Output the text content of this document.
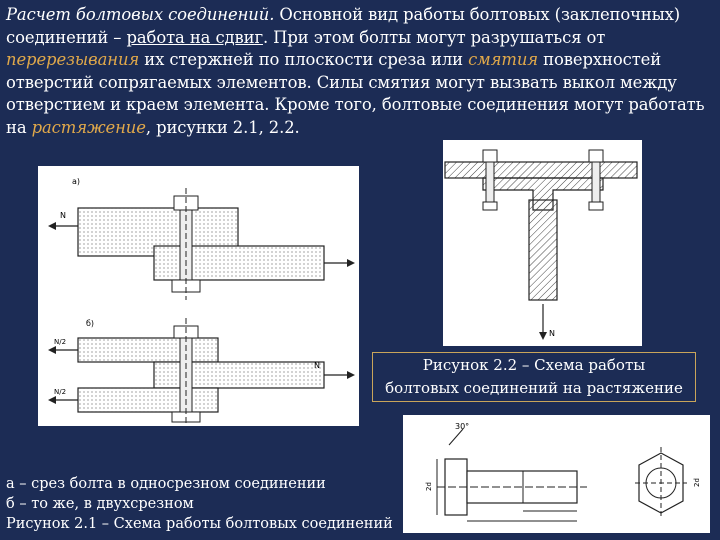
Расчет болтовых соединений. Основной вид работы болтовых (заклепочных) соединений – работа на сдвиг. При этом болты могут разрушаться от перерезывания их стержней по плоскости среза или смятия поверхностей отверстий сопрягаемых элементов. Силы смятия могут вызвать выкол между отверстием и краем элемента. Кроме того, болтовые соединения могут работать на растяжение, рисунки 2.1, 2.2.
а)
N
б)
N/2
N/2
N
N
Рисунок 2.2 – Схема работы
болтовых соединений на растяжение
30°
2d	2d
а – срез болта в односрезном соединении
б – то же, в двухсрезном
Рисунок 2.1 – Схема работы болтовых соединений
